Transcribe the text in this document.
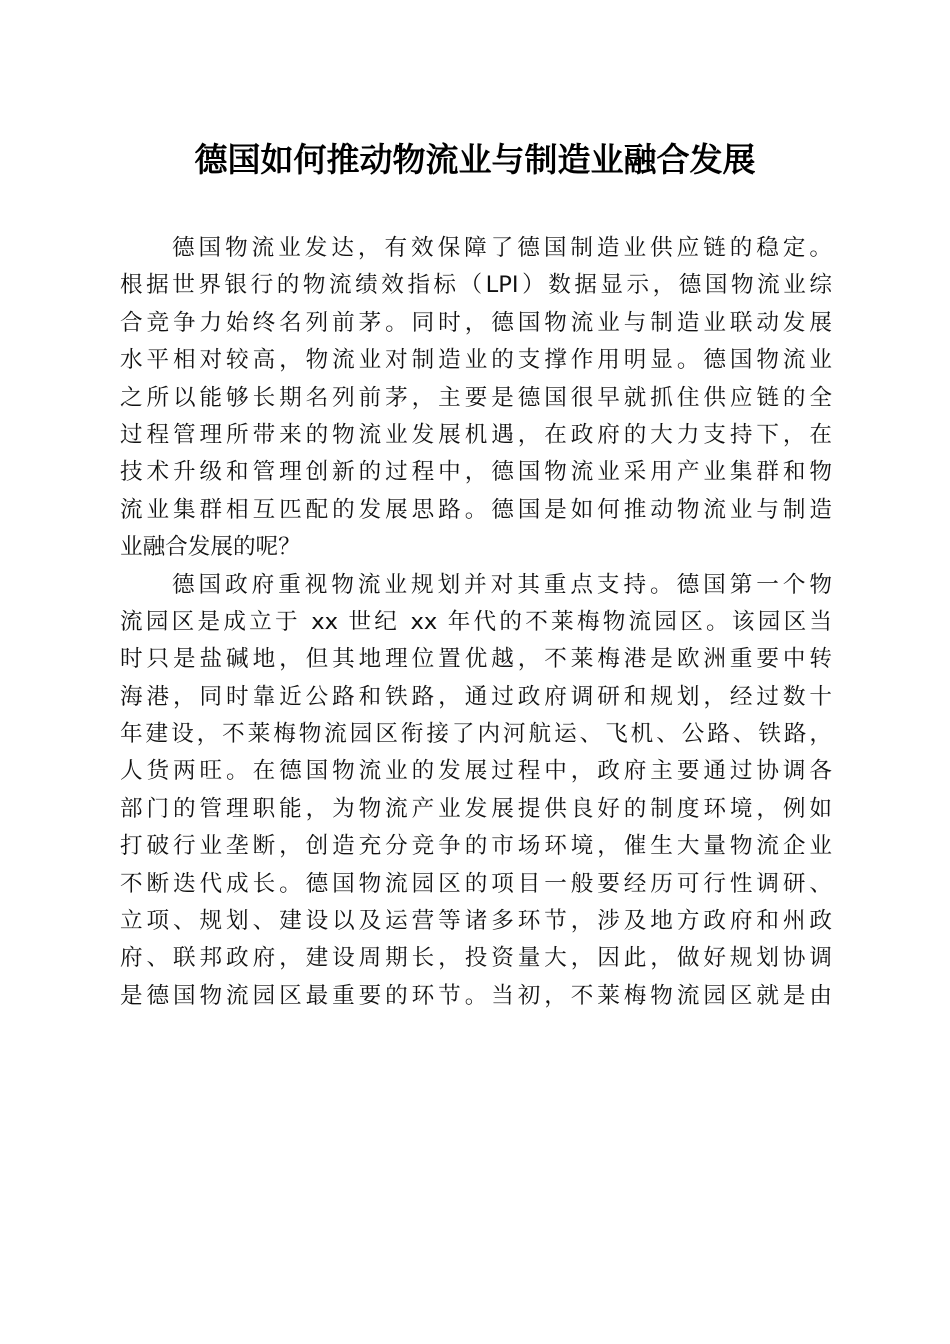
德国如何推动物流业与制造业融合发展
德国物流业发达，有效保障了德国制造业供应链的稳定。
根据世界银行的物流绩效指标（LPI）数据显示，德国物流业综
合竞争力始终名列前茅。同时，德国物流业与制造业联动发展
水平相对较高，物流业对制造业的支撑作用明显。德国物流业
之所以能够长期名列前茅，主要是德国很早就抓住供应链的全
过程管理所带来的物流业发展机遇，在政府的大力支持下，在
技术升级和管理创新的过程中，德国物流业采用产业集群和物
流业集群相互匹配的发展思路。德国是如何推动物流业与制造
业融合发展的呢？
德国政府重视物流业规划并对其重点支持。德国第一个物
流园区是成立于 xx 世纪 xx 年代的不莱梅物流园区。该园区当
时只是盐碱地，但其地理位置优越，不莱梅港是欧洲重要中转
海港，同时靠近公路和铁路，通过政府调研和规划，经过数十
年建设，不莱梅物流园区衔接了内河航运、飞机、公路、铁路，
人货两旺。在德国物流业的发展过程中，政府主要通过协调各
部门的管理职能，为物流产业发展提供良好的制度环境，例如
打破行业垄断，创造充分竞争的市场环境，催生大量物流企业
不断迭代成长。德国物流园区的项目一般要经历可行性调研、
立项、规划、建设以及运营等诸多环节，涉及地方政府和州政
府、联邦政府，建设周期长，投资量大，因此，做好规划协调
是德国物流园区最重要的环节。当初，不莱梅物流园区就是由
